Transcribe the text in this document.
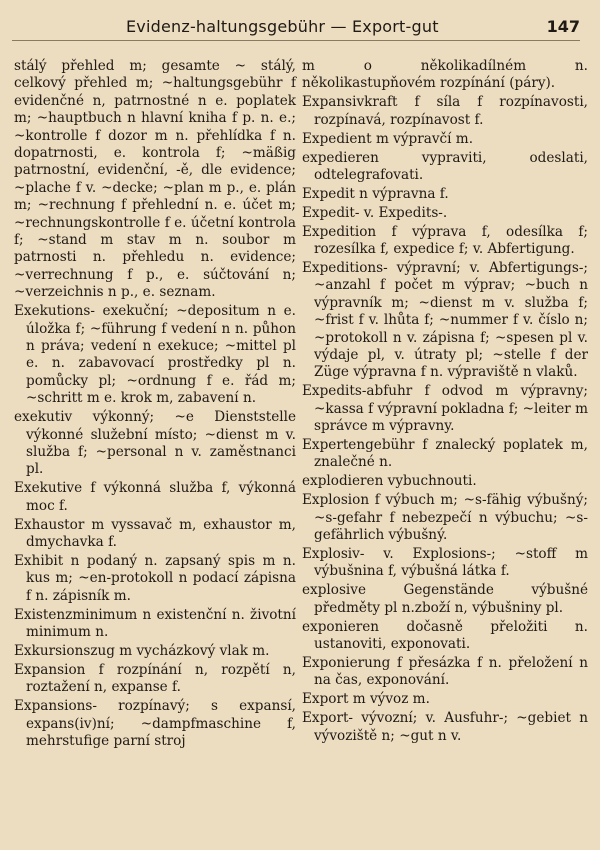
Evidenz-haltungsgebühr — Export-gut	147

stálý přehled m; gesamte ~ stálý, celkový přehled m; ~haltungsgebühr f evidenčné n, patrnostné n e. poplatek m; ~hauptbuch n hlavní kniha f p. n. e.; ~kontrolle f dozor m n. přehlídka f n. dopatrnosti, e. kontrola f; ~mäßig patrnostní, evidenční, -ě, dle evidence; ~plache f v. ~decke; ~plan m p., e. plán m; ~rechnung f přehlední n. e. účet m; ~rechnungskontrolle f e. účetní kontrola f; ~stand m stav m n. soubor m patrnosti n. přehledu n. evidence; ~verrechnung f p., e. súčtování n; ~verzeichnis n p., e. seznam.

Exekutions- exekuční; ~depositum n e. úložka f; ~führung f vedení n n. půhon n práva; vedení n exekuce; ~mittel pl e. n. zabavovací prostředky pl n. pomůcky pl; ~ordnung f e. řád m; ~schritt m e. krok m, zabavení n.

exekutiv výkonný; ~e Dienststelle výkonné služební místo; ~dienst m v. služba f; ~personal n v. zaměstnanci pl.

Exekutive f výkonná služba f, výkonná moc f.

Exhaustor m vyssavač m, exhaustor m, dmychavka f.

Exhibit n podaný n. zapsaný spis m n. kus m; ~en-protokoll n podací zápisna f n. zápisník m.

Existenzminimum n existenční n. životní minimum n.

Exkursionszug m vycházkový vlak m.

Expansion f rozpínání n, rozpětí n, roztažení n, expanse f.

Expansions- rozpínavý; s expansí, expans(iv)ní; ~dampfmaschine f, mehrstufige parní stroj

m o několikadílném n. několikastupňovém rozpínání (páry).

Expansivkraft f síla f rozpínavosti, rozpínavá, rozpínavost f.

Expedient m výpravčí m.

expedieren vypraviti, odeslati, odtelegrafovati.

Expedit n výpravna f.

Expedit- v. Expedits-.

Expedition f výprava f, odesílka f; rozesílka f, expedice f; v. Abfertigung.

Expeditions- výpravní; v. Abfertigungs-; ~anzahl f počet m výprav; ~buch n výpravník m; ~dienst m v. služba f; ~frist f v. lhůta f; ~nummer f v. číslo n; ~protokoll n v. zápisna f; ~spesen pl v. výdaje pl, v. útraty pl; ~stelle f der Züge výpravna f n. výpraviště n vlaků.

Expedits-abfuhr f odvod m výpravny; ~kassa f výpravní pokladna f; ~leiter m správce m výpravny.

Expertengebühr f znalecký poplatek m, znalečné n.

explodieren vybuchnouti.

Explosion f výbuch m; ~s-fähig výbušný; ~s-gefahr f nebezpečí n výbuchu; ~s-gefährlich výbušný.

Explosiv- v. Explosions-; ~stoff m výbušnina f, výbušná látka f.

explosive Gegenstände výbušné předměty pl n.zboží n, výbušniny pl.

exponieren dočasně přeložiti n. ustanoviti, exponovati.

Exponierung f přesázka f n. přeložení n na čas, exponování.

Export m vývoz m.

Export- vývozní; v. Ausfuhr-; ~gebiet n vývoziště n; ~gut n v.
